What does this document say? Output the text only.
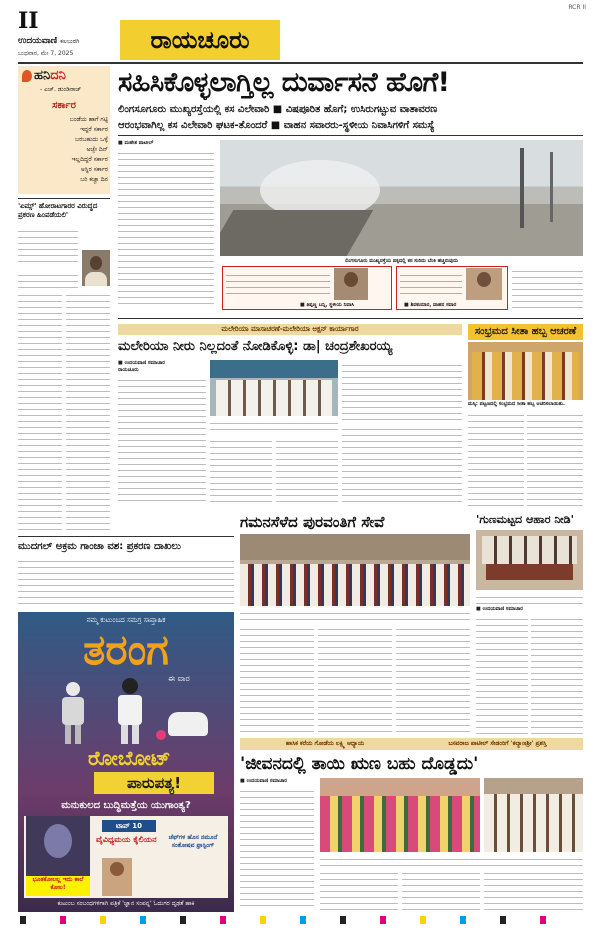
RCR II
II
ಉದಯವಾಣಿ ಕಲಬುರಗಿ
ಬುಧವಾರ, ಮೇ 7, 2025	ರಾಯಚೂರು
ಹನಿದನಿ
- ಎಚ್. ಡುಂಡಿರಾಜ್
ಸರ್ಕಾರ
ಬಂಡೆಯ ಹಾಗೆ ಗಟ್ಟಿ
ಇದ್ದರೆ ಸರ್ಕಾರ
ಬರಬಹುದು ಒಳ್ಳೆ
ಅಚ್ಛೇ ದಿನ್
ಇಲ್ಲದಿದ್ದರೆ ಸರ್ಕಾರ
ಅಸ್ಥಿರ ಸರ್ಕಾರ
ಬರಿ ಕಚ್ಚಾ ದಿನ
'ಏಮ್ಸ್' ಹೋರಾಟಗಾರರ ವಿರುದ್ಧದ ಪ್ರಕರಣ ಹಿಂಪಡೆಯಲಿ'
ಸಹಿಸಿಕೊಳ್ಳಲಾಗ್ತಿಲ್ಲ ದುರ್ವಾಸನೆ ಹೊಗೆ!
ಲಿಂಗಸೂಗೂರು ಮುಖ್ಯರಸ್ತೆಯಲ್ಲಿ ಕಸ ವಿಲೇವಾರಿ ■ ವಿಷಪೂರಿತ ಹೊಗೆ; ಉಸಿರುಗಟ್ಟುವ ವಾತಾವರಣ
ಆರಂಭವಾಗಿಲ್ಲ ಕಸ ವಿಲೇವಾರಿ ಘಟಕ-ತೊಂದರೆ ■ ವಾಹನ ಸವಾರರು-ಸ್ಥಳೀಯ ನಿವಾಸಿಗಳಿಗೆ ಸಮಸ್ಯೆ
■ ಮಹೇಶ ಪಾಟೀಲ್
ಲಿಂಗಸುಗೂರು ಮುಖ್ಯರಸ್ತೆಯ ಪಕ್ಕದಲ್ಲಿ ಕಸ ಸುರಿದು ಬೆಂಕಿ ಹಚ್ಚಿರುವುದು
■ ತಿಪ್ಪಣ್ಣ ಬನ್ನಿ, ಸ್ಥಳೀಯ ನಿವಾಸಿ	■ ಶಿವಕುಮಾರ, ವಾಹನ ಸವಾರ
ಮಲೇರಿಯಾ ಮಾಸಾಚರಣೆ-ಮಲೇರಿಯಾ ಆಕ್ಷನ್ ಕಾರ್ಯಾಗಾರ
ಮಲೇರಿಯಾ ನೀರು ನಿಲ್ಲದಂತೆ ನೋಡಿಕೊಳ್ಳಿ: ಡಾ| ಚಂದ್ರಶೇಖರಯ್ಯ
■ ಉದಯವಾಣಿ ಸಮಾಚಾರ
ರಾಯಚೂರು
ಸಂಭ್ರಮದ ಸೀತಾ ಹಬ್ಬ ಆಚರಣೆ
ಮಸ್ಕಿ: ಪಟ್ಟಣದಲ್ಲಿ ಸಂಭ್ರಮದ ಸೀತಾ ಹಬ್ಬ ಆಚರಿಸಲಾಯಿತು.
ಮುದಗಲ್ ಅಕ್ರಮ ಗಾಂಜಾ ವಶ: ಪ್ರಕರಣ ದಾಖಲು
ಗಮನಸೆಳೆದ ಪುರವಂತಿಗೆ ಸೇವೆ	'ಗುಣಮಟ್ಟದ ಆಹಾರ ನೀಡಿ'
■ ಉದಯವಾಣಿ ಸಮಾಚಾರ
ನಮ್ಮ ಕುಟುಂಬದ ಸಮಗ್ರ ಸಾಪ್ತಾಹಿಕ
ತರಂಗ
ಈ ವಾರ
ರೋಬೋಟ್
ಪಾರುಪತ್ಯ!
ಮನುಕುಲದ ಬುದ್ಧಿಮತ್ತೆಯ ಯುಗಾಂತ್ಯ?
ಭೂತಕೋಲಲ್ಲ ಇದು ಕಾಲೆ ಕೋಲ!
ಟಾಪ್ 10
ವೈವಿಧ್ಯಮಯ ಕೈಲಿಯನ	ಚೆಫ್‌ಗಳ ಹೊಸ ನಮೂನೆ ಸಂತೋಷವ ಫ್ರಾಸ್ಟಿಂಗ್
ಕುಟುಂಬ ಸಂಬಂಧಗಳಿಗಾಗಿ ಪತ್ರಿಕೆ 'ಜ್ಞಾನ ಸಂಪನ್ನ' ಓದುಗರ ದೃಢತೆ ಹಾಕಿ
ಹಾಸಿಕ ಕರೆಯ ಗೋಡೆಯ ಲಕ್ಷ್ಮಿ ಆಧ್ಯಾಯ	ಬಸವರಾಜ ಪಾಟೀಲ್ ಸೇಡಂರಿಗೆ 'ಕಲ್ಯಾಣಶ್ರೀ' ಪ್ರಶಸ್ತಿ
'ಜೀವನದಲ್ಲಿ ತಾಯಿ ಋಣ ಬಹು ದೊಡ್ಡದು'
■ ಉದಯವಾಣಿ ಸಮಾಚಾರ
